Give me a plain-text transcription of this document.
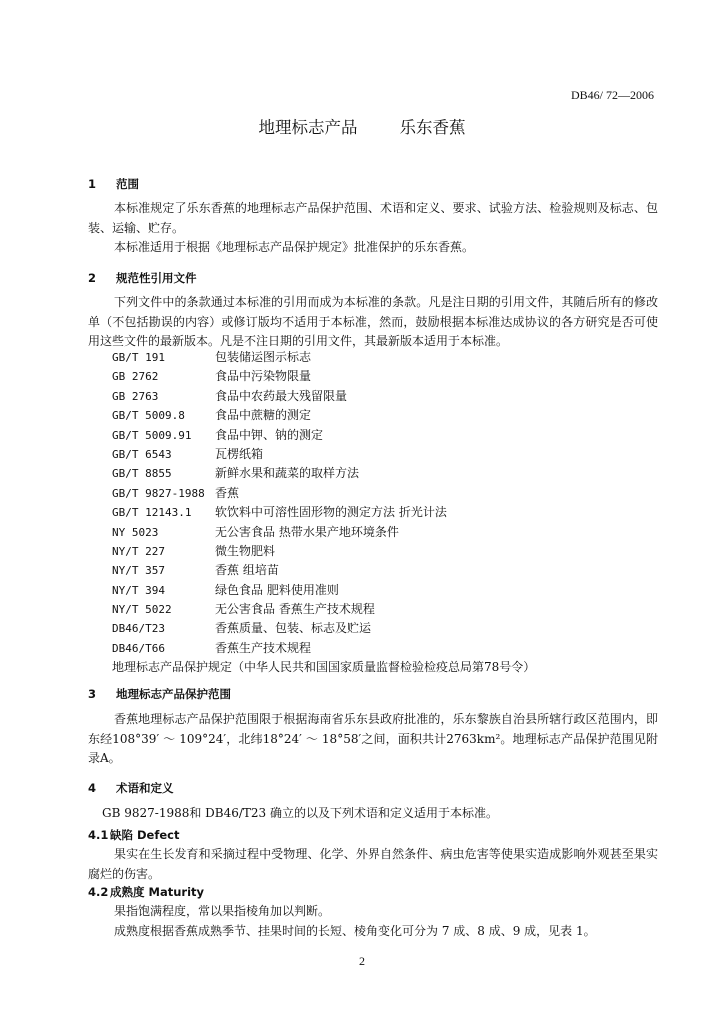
DB46/ 72—2006
地理标志产品        乐东香蕉
1 范围
本标准规定了乐东香蕉的地理标志产品保护范围、术语和定义、要求、试验方法、检验规则及标志、包装、运输、贮存。
本标准适用于根据《地理标志产品保护规定》批准保护的乐东香蕉。
2 规范性引用文件
下列文件中的条款通过本标准的引用而成为本标准的条款。凡是注日期的引用文件，其随后所有的修改单（不包括勘误的内容）或修订版均不适用于本标准，然而，鼓励根据本标准达成协议的各方研究是否可使用这些文件的最新版本。凡是不注日期的引用文件，其最新版本适用于本标准。
GB/T 191	包装储运图示标志
GB 2762	食品中污染物限量
GB 2763	食品中农药最大残留限量
GB/T 5009.8	食品中蔗糖的测定
GB/T 5009.91 食品中钾、钠的测定
GB/T 6543	瓦楞纸箱
GB/T 8855	新鲜水果和蔬菜的取样方法
GB/T 9827-1988 香蕉
GB/T 12143.1 软饮料中可溶性固形物的测定方法 折光计法
NY 5023	无公害食品 热带水果产地环境条件
NY/T 227	微生物肥料
NY/T 357	香蕉 组培苗
NY/T 394	绿色食品 肥料使用准则
NY/T 5022	无公害食品 香蕉生产技术规程
DB46/T23	香蕉质量、包装、标志及贮运
DB46/T66	香蕉生产技术规程
地理标志产品保护规定（中华人民共和国国家质量监督检验检疫总局第78号令）
3 地理标志产品保护范围
香蕉地理标志产品保护范围限于根据海南省乐东县政府批准的，乐东黎族自治县所辖行政区范围内，即东经108°39′ ～ 109°24′，北纬18°24′ ～ 18°58′之间，面积共计2763km²。地理标志产品保护范围见附录A。
4 术语和定义
GB 9827-1988和 DB46/T23 确立的以及下列术语和定义适用于本标准。
4.1 缺陷 Defect
果实在生长发育和采摘过程中受物理、化学、外界自然条件、病虫危害等使果实造成影响外观甚至果实腐烂的伤害。
4.2 成熟度 Maturity
果指饱满程度，常以果指棱角加以判断。
成熟度根据香蕉成熟季节、挂果时间的长短、棱角变化可分为 7 成、8 成、9 成，见表 1。
2
